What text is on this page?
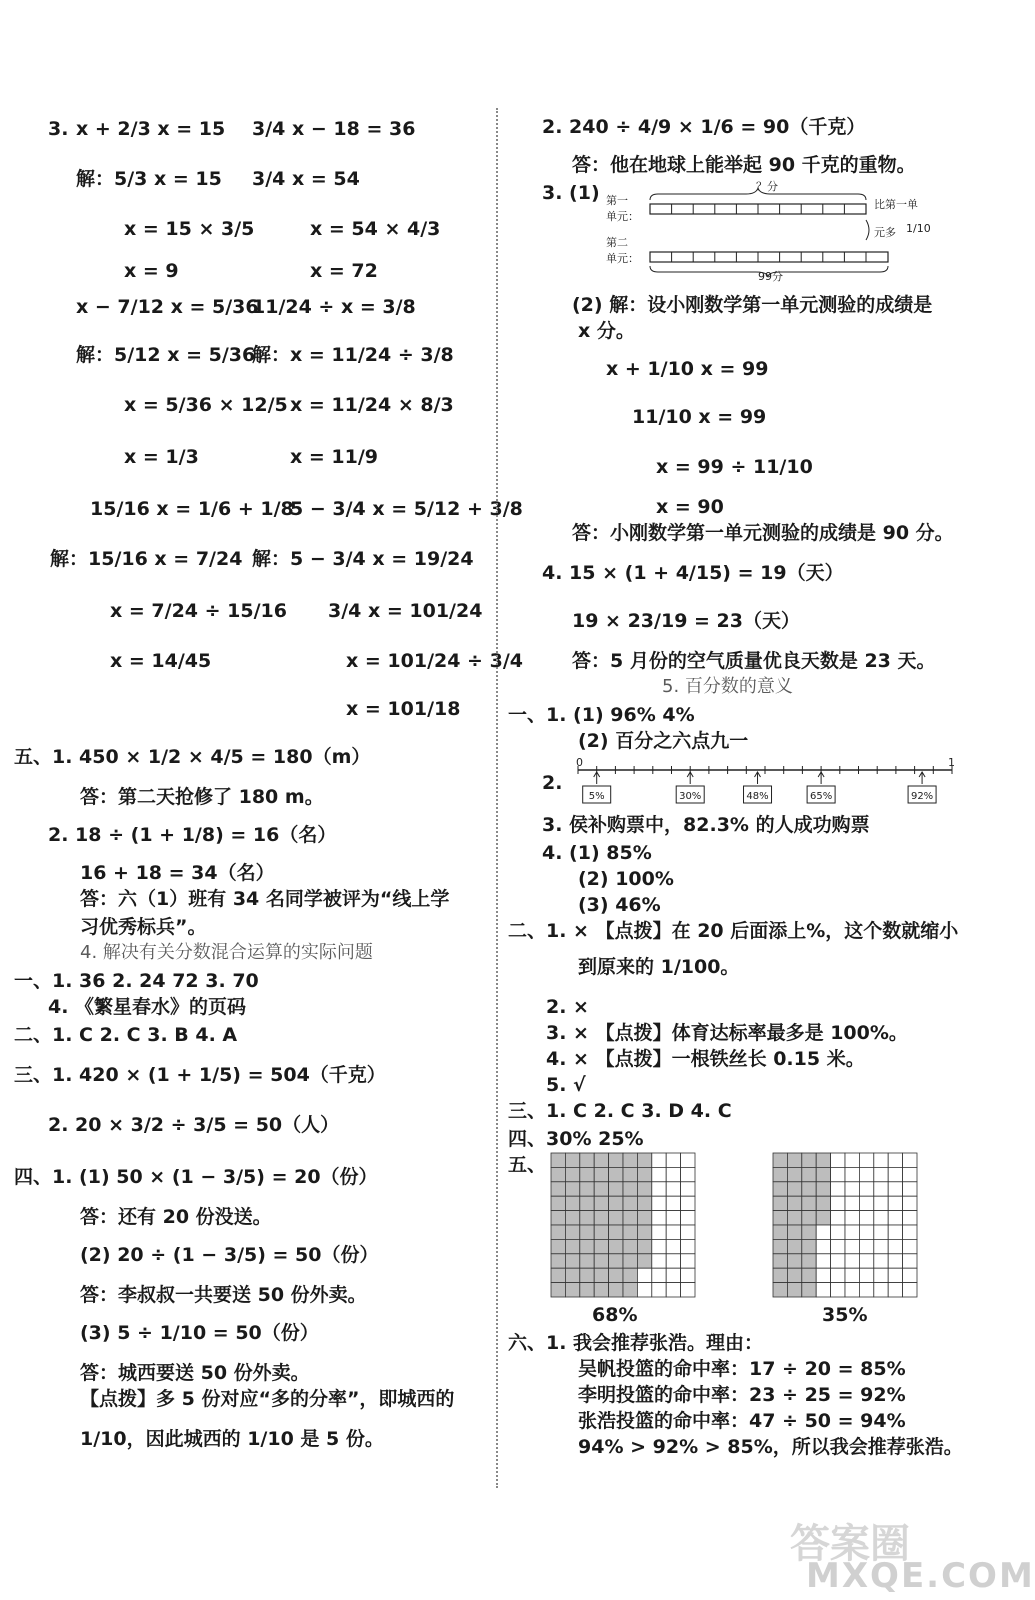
3. x + 2/3 x = 15 3/4 x − 18 = 36
解：5/3 x = 15 3/4 x = 54
x = 15 × 3/5	x = 54 × 4/3
x = 9	x = 72
x − 7/12 x = 5/36
11/24 ÷ x = 3/8
解：5/12 x = 5/36
解：x = 11/24 ÷ 3/8
x = 5/36 × 12/5 x = 11/24 × 8/3
x = 1/3	x = 11/9
15/16 x = 1/6 + 1/8
5 − 3/4 x = 5/12 + 3/8
解：15/16 x = 7/24 解：5 − 3/4 x = 19/24
x = 7/24 ÷ 15/16 3/4 x = 101/24
x = 14/45	x = 101/24 ÷ 3/4
x = 101/18
五、1. 450 × 1/2 × 4/5 = 180（m）
答：第二天抢修了 180 m。
2. 18 ÷ (1 + 1/8) = 16（名）
16 + 18 = 34（名）
答：六（1）班有 34 名同学被评为“线上学
习优秀标兵”。
一、1. 36 2. 24 72 3. 70
4. 《繁星春水》的页码
二、1. C 2. C 3. B 4. A
三、1. 420 × (1 + 1/5) = 504（千克）
2. 20 × 3/2 ÷ 3/5 = 50（人）
四、1. (1) 50 × (1 − 3/5) = 20（份）
答：还有 20 份没送。
(2) 20 ÷ (1 − 3/5) = 50（份）
答：李叔叔一共要送 50 份外卖。
(3) 5 ÷ 1/10 = 50（份）
答：城西要送 50 份外卖。
【点拨】多 5 份对应“多的分率”，即城西的
1/10，因此城西的 1/10 是 5 份。
4. 解决有关分数混合运算的实际问题
2. 240 ÷ 4/9 × 1/6 = 90（千克）
答：他在地球上能举起 90 千克的重物。
3. (1)
(2) 解：设小刚数学第一单元测验的成绩是
x 分。
x + 1/10 x = 99
11/10 x = 99
x = 99 ÷ 11/10
x = 90
答：小刚数学第一单元测验的成绩是 90 分。
4. 15 × (1 + 4/15) = 19（天）
19 × 23/19 = 23（天）
答：5 月份的空气质量优良天数是 23 天。
一、1. (1) 96% 4%
(2) 百分之六点九一
2.
3. 侯补购票中，82.3% 的人成功购票
4. (1) 85%
(2) 100%
(3) 46%
二、1. × 【点拨】在 20 后面添上%，这个数就缩小
到原来的 1/100。
2. ×
3. × 【点拨】体育达标率最多是 100%。
4. × 【点拨】一根铁丝长 0.15 米。
5. √
三、1. C 2. C 3. D 4. C
四、30% 25%
五、
六、1. 我会推荐张浩。理由：
吴帆投篮的命中率：17 ÷ 20 = 85%
李明投篮的命中率：23 ÷ 25 = 92%
张浩投篮的命中率：47 ÷ 50 = 94%
94% > 92% > 85%，所以我会推荐张浩。
5. 百分数的意义
第一
单元：
第二
单元：
？分
99分
比第一单
元多 1/10
0	1
5%	30%	48%	65%	92%
68%	35%
答案圈
MXQE.COM
